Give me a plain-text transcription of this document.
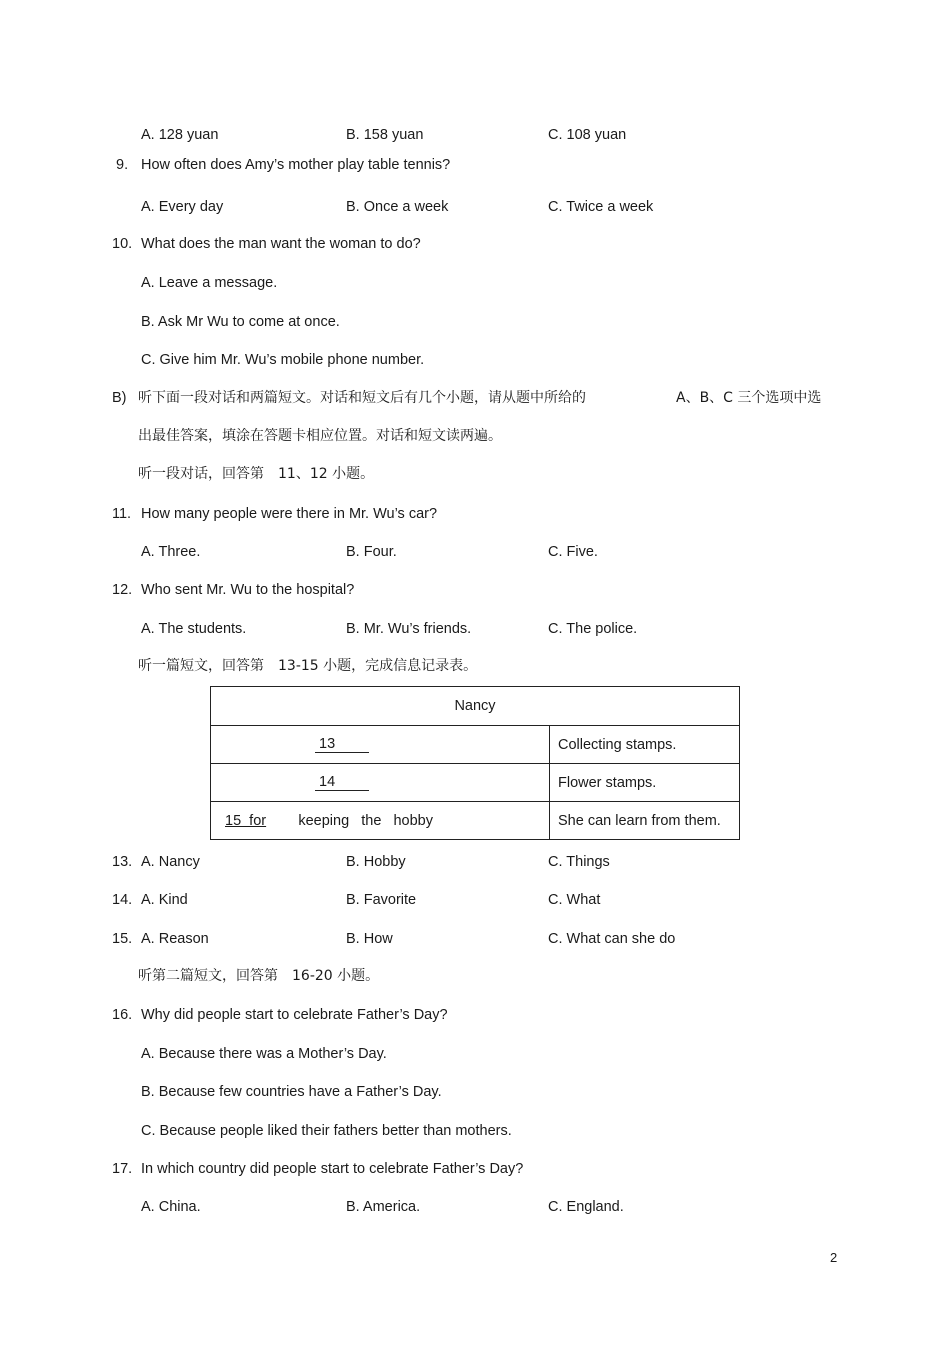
A. 128 yuan	B. 158 yuan	C. 108 yuan
9. How often does Amy’s mother play table tennis?
A. Every day	B. Once a week	C. Twice a week
10. What does the man want the woman to do?
A. Leave a message.
B. Ask Mr Wu to come at once.
C. Give him Mr. Wu’s mobile phone number.
B) 听下面一段对话和两篇短文。对话和短文后有几个小题，请从题中所给的	A、B、C 三个选项中选
出最佳答案，填涂在答题卡相应位置。对话和短文读两遍。
听一段对话，回答第　11、12 小题。
11. How many people were there in Mr. Wu’s car?
A. Three.	B. Four.	C. Five.
12. Who sent Mr. Wu to the hospital?
A. The students.	B. Mr. Wu’s friends.	C. The police.
听一篇短文，回答第　13-15 小题，完成信息记录表。
Nancy	
13	Collecting stamps.
14	Flower stamps.
15  for keeping   the   hobby	She can learn from them.
13. A. Nancy	B. Hobby	C. Things
14. A. Kind	B. Favorite	C. What
15. A. Reason	B. How	C. What can she do
听第二篇短文，回答第　16-20 小题。
16. Why did people start to celebrate Father’s Day?
A. Because there was a Mother’s Day.
B. Because few countries have a Father’s Day.
C. Because people liked their fathers better than mothers.
17. In which country did people start to celebrate Father’s Day?
A. China.	B. America.	C. England.
2
